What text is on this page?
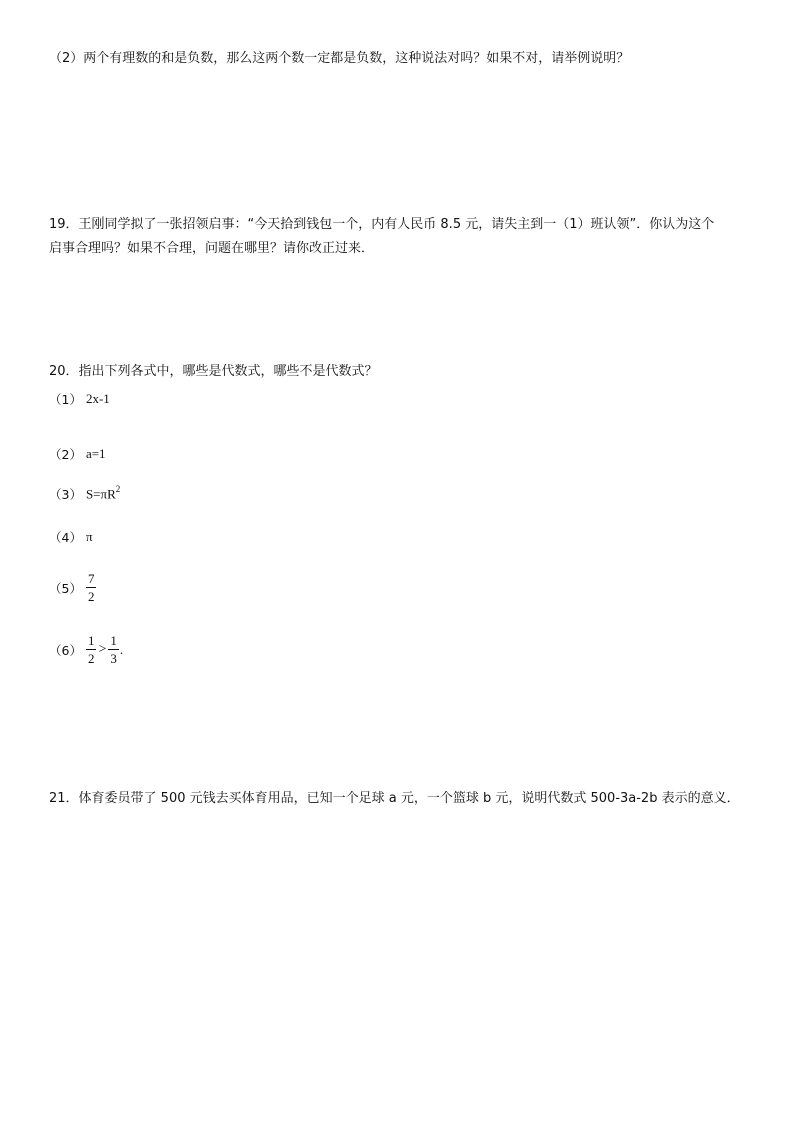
（2）两个有理数的和是负数，那么这两个数一定都是负数，这种说法对吗？如果不对，请举例说明？
19．王刚同学拟了一张招领启事：“今天拾到钱包一个，内有人民币 8.5 元，请失主到一（1）班认领”．你认为这个
启事合理吗？如果不合理，问题在哪里？请你改正过来．
20．指出下列各式中，哪些是代数式，哪些不是代数式？
（1） 2x-1
（2） a=1
（3） $S=\pi R^2$
（4） π
$(5) \frac{7}{2}$
$(6) \frac{1}{2} > \frac{1}{3}$ .
21．体育委员带了 500 元钱去买体育用品，已知一个足球 a 元，一个篮球 b 元，说明代数式 500-3a-2b 表示的意义．
